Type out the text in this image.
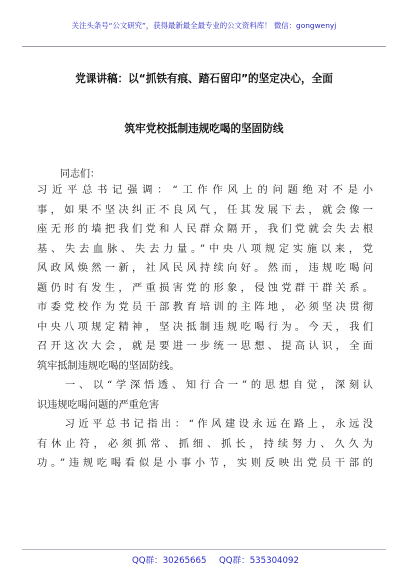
关注头条号“公文研究”，获得最新最全最专业的公文资料库！ 微信：gongwenyj
党课讲稿：以“抓铁有痕、踏石留印”的坚定决心，全面
筑牢党校抵制违规吃喝的坚固防线
同志们：
习近平总书记强调：“工作作风上的问题绝对不是小
事，如果不坚决纠正不良风气，任其发展下去，就会像一
座无形的墙把我们党和人民群众隔开，我们党就会失去根
基、失去血脉、失去力量。”中央八项规定实施以来，党
风政风焕然一新，社风民风持续向好。然而，违规吃喝问
题仍时有发生，严重损害党的形象，侵蚀党群干群关系。
市委党校作为党员干部教育培训的主阵地，必须坚决贯彻
中央八项规定精神，坚决抵制违规吃喝行为。今天，我们
召开这次大会，就是要进一步统一思想、提高认识，全面
筑牢抵制违规吃喝的坚固防线。
　　一、以“学深悟透、知行合一”的思想自觉，深刻认
识违规吃喝问题的严重危害
　　习近平总书记指出：“作风建设永远在路上，永远没
有休止符，必须抓常、抓细、抓长，持续努力、久久为
功。”违规吃喝看似是小事小节，实则反映出党员干部的
QQ群：30265665 QQ群：535304092
